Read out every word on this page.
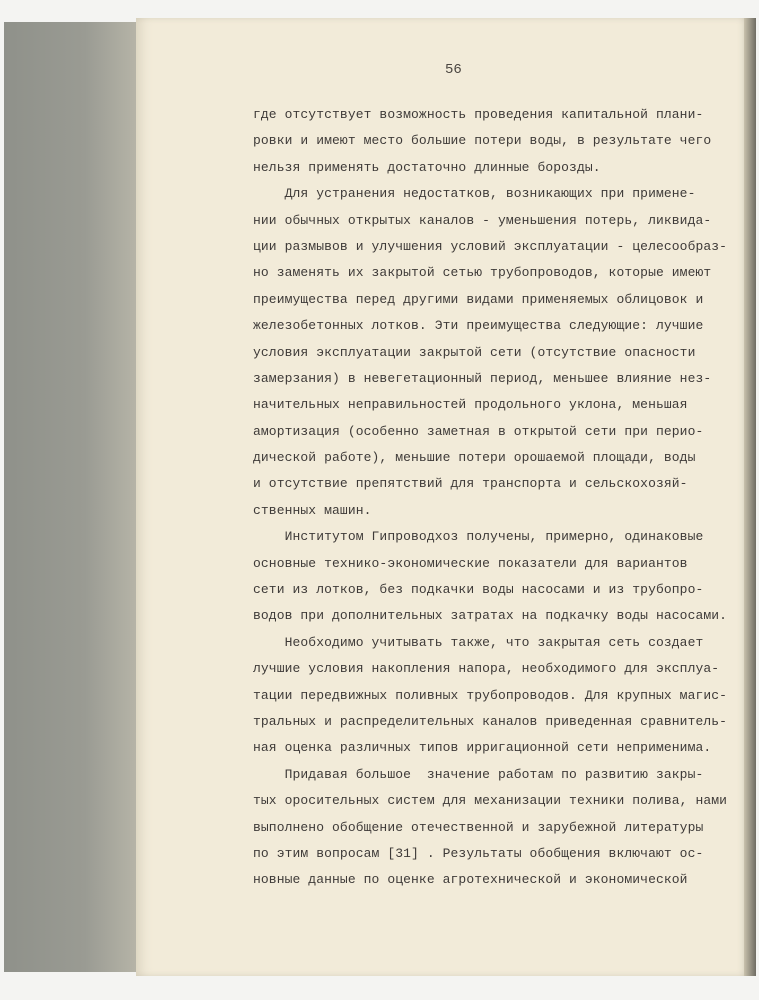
56
где отсутствует возможность проведения капитальной плани-
ровки и имеют место большие потери воды, в результате чего
нельзя применять достаточно длинные борозды.
Для устранения недостатков, возникающих при примене-
нии обычных открытых каналов - уменьшения потерь, ликвида-
ции размывов и улучшения условий эксплуатации - целесообраз-
но заменять их закрытой сетью трубопроводов, которые имеют
преимущества перед другими видами применяемых облицовок и
железобетонных лотков. Эти преимущества следующие: лучшие
условия эксплуатации закрытой сети (отсутствие опасности
замерзания) в невегетационный период, меньшее влияние нез-
начительных неправильностей продольного уклона, меньшая
амортизация (особенно заметная в открытой сети при перио-
дической работе), меньшие потери орошаемой площади, воды
и отсутствие препятствий для транспорта и сельскохозяй-
ственных машин.
Институтом Гипроводхоз получены, примерно, одинаковые
основные технико-экономические показатели для вариантов
сети из лотков, без подкачки воды насосами и из трубопро-
водов при дополнительных затратах на подкачку воды насосами.
Необходимо учитывать также, что закрытая сеть создает
лучшие условия накопления напора, необходимого для эксплуа-
тации передвижных поливных трубопроводов. Для крупных магис-
тральных и распределительных каналов приведенная сравнитель-
ная оценка различных типов ирригационной сети неприменима.
Придавая большое  значение работам по развитию закры-
тых оросительных систем для механизации техники полива, нами
выполнено обобщение отечественной и зарубежной литературы
по этим вопросам [31] . Результаты обобщения включают ос-
новные данные по оценке агротехнической и экономической
